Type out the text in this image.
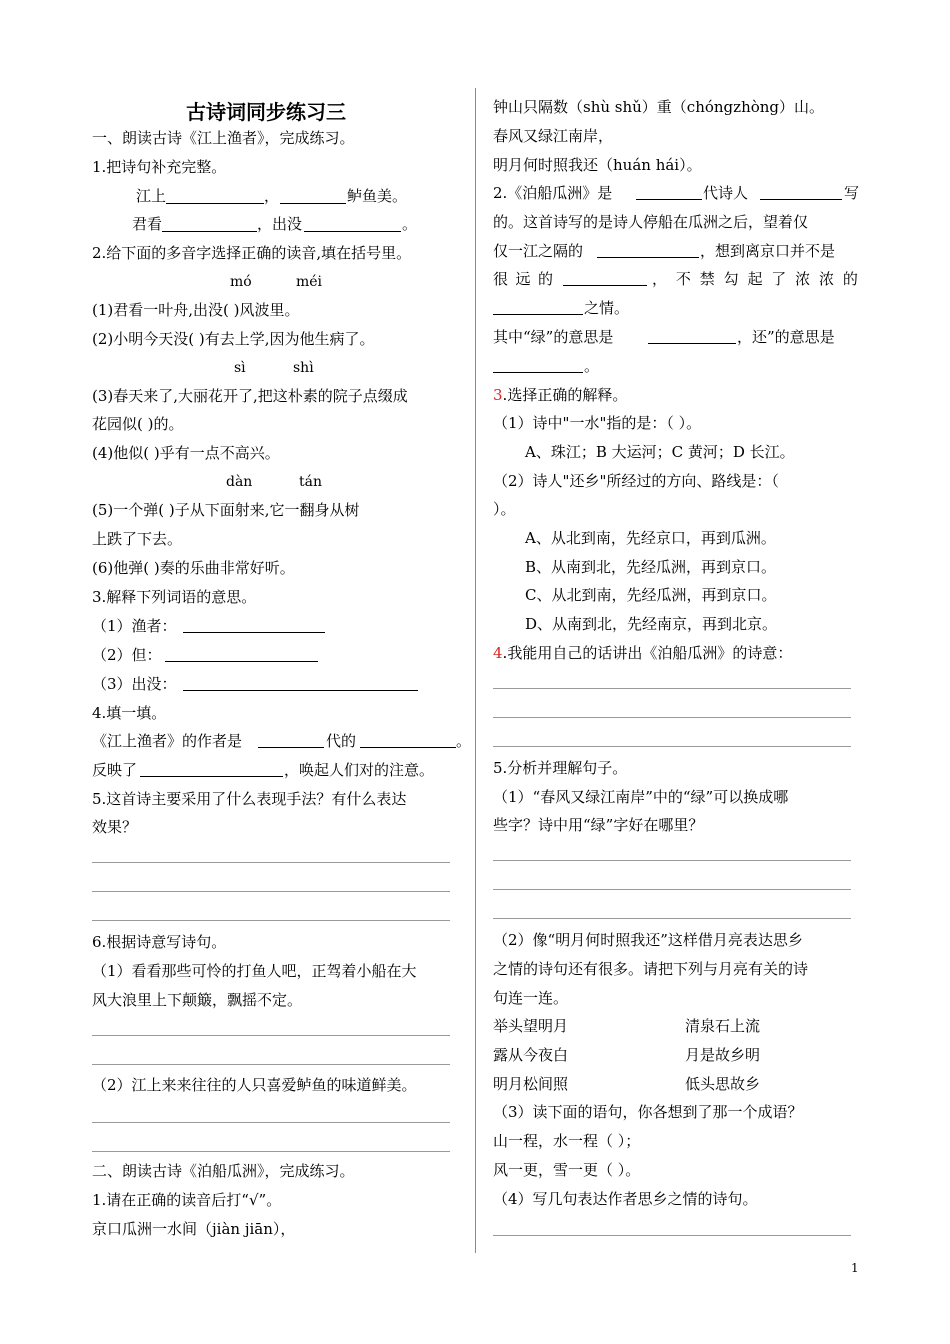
古诗词同步练习三
一、朗读古诗《江上渔者》，完成练习。
1.把诗句补充完整。
江上	，	鲈鱼美。
君看	，出没	。
2.给下面的多音字选择正确的读音,填在括号里。
mó	méi
(1)君看一叶舟,出没( )风波里。
(2)小明今天没( )有去上学,因为他生病了。
sì	shì
(3)春天来了,大丽花开了,把这朴素的院子点缀成
花园似( )的。
(4)他似( )乎有一点不高兴。
dàn	tán
(5)一个弹( )子从下面射来,它一翻身从树
上跌了下去。
(6)他弹( )奏的乐曲非常好听。
3.解释下列词语的意思。
（1）渔者：
（2）但：
（3）出没：
4.填一填。
《江上渔者》的作者是	代的	。
反映了	，唤起人们对的注意。
5.这首诗主要采用了什么表现手法？有什么表达
效果？
6.根据诗意写诗句。
（1）看看那些可怜的打鱼人吧，正驾着小船在大
风大浪里上下颠簸，飘摇不定。
（2）江上来来往往的人只喜爱鲈鱼的味道鲜美。
二、朗读古诗《泊船瓜洲》，完成练习。
1.请在正确的读音后打“√”。
京口瓜洲一水间（jiàn jiān），
钟山只隔数（shù shǔ）重（chóngzhòng）山。
春风又绿江南岸，
明月何时照我还（huán hái）。
2.《泊船瓜洲》是	代诗人	写
的。这首诗写的是诗人停船在瓜洲之后，望着仅
仅一江之隔的	，想到离京口并不是
很 远 的	， 不 禁 勾 起 了 浓 浓 的
之情。
其中“绿”的意思是	，还”的意思是
。
3.选择正确的解释。
（1）诗中"一水"指的是：（ ）。
A、珠江；B 大运河；C 黄河；D 长江。
（2）诗人"还乡"所经过的方向、路线是：（
）。
A、从北到南，先经京口，再到瓜洲。
B、从南到北，先经瓜洲，再到京口。
C、从北到南，先经瓜洲，再到京口。
D、从南到北，先经南京，再到北京。
4.我能用自己的话讲出《泊船瓜洲》的诗意：
5.分析并理解句子。
（1）“春风又绿江南岸”中的“绿”可以换成哪
些字？诗中用“绿”字好在哪里？
（2）像“明月何时照我还”这样借月亮表达思乡
之情的诗句还有很多。请把下列与月亮有关的诗
句连一连。
举头望明月	清泉石上流
露从今夜白	月是故乡明
明月松间照	低头思故乡
（3）读下面的语句，你各想到了那一个成语？
山一程，水一程（ ）；
风一更，雪一更（ ）。
（4）写几句表达作者思乡之情的诗句。
1
